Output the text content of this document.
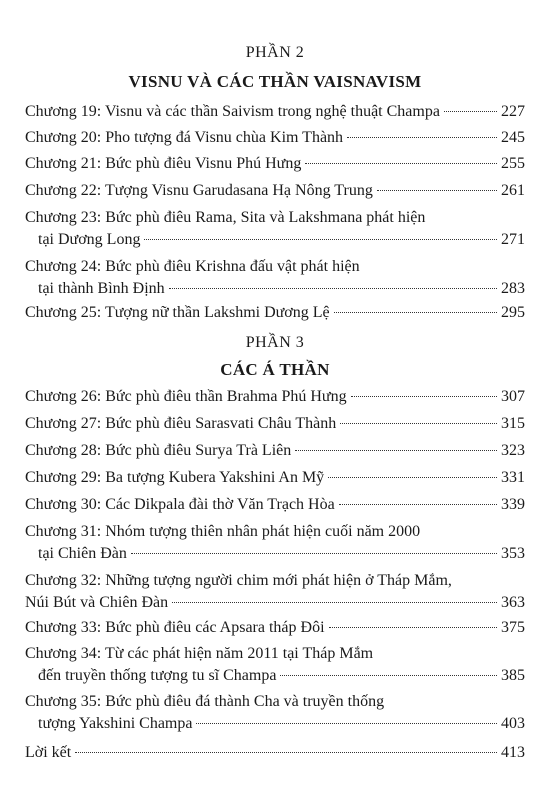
PHẦN 2
VISNU VÀ CÁC THẦN VAISNAVISM
Chương 19: Visnu và các thần Saivism trong nghệ thuật Champa	227
Chương 20: Pho tượng đá Visnu chùa Kim Thành	245
Chương 21: Bức phù điêu Visnu Phú Hưng	255
Chương 22: Tượng Visnu Garudasana Hạ Nông Trung	261
Chương 23: Bức phù điêu Rama, Sita và Lakshmana phát hiện
tại Dương Long	271
Chương 24: Bức phù điêu Krishna đấu vật phát hiện
tại thành Bình Định	283
Chương 25: Tượng nữ thần Lakshmi Dương Lệ	295
PHẦN 3
CÁC Á THẦN
Chương 26: Bức phù điêu thần Brahma Phú Hưng	307
Chương 27: Bức phù điêu Sarasvati Châu Thành	315
Chương 28: Bức phù điêu Surya Trà Liên	323
Chương 29: Ba tượng Kubera Yakshini An Mỹ	331
Chương 30: Các Dikpala đài thờ Văn Trạch Hòa	339
Chương 31: Nhóm tượng thiên nhân phát hiện cuối năm 2000
tại Chiên Đàn	353
Chương 32: Những tượng người chim mới phát hiện ở Tháp Mắm,
Núi Bút và Chiên Đàn	363
Chương 33: Bức phù điêu các Apsara tháp Đôi	375
Chương 34: Từ các phát hiện năm 2011 tại Tháp Mắm
đến truyền thống tượng tu sĩ Champa	385
Chương 35: Bức phù điêu đá thành Cha và truyền thống
tượng Yakshini Champa	403
Lời kết	413
